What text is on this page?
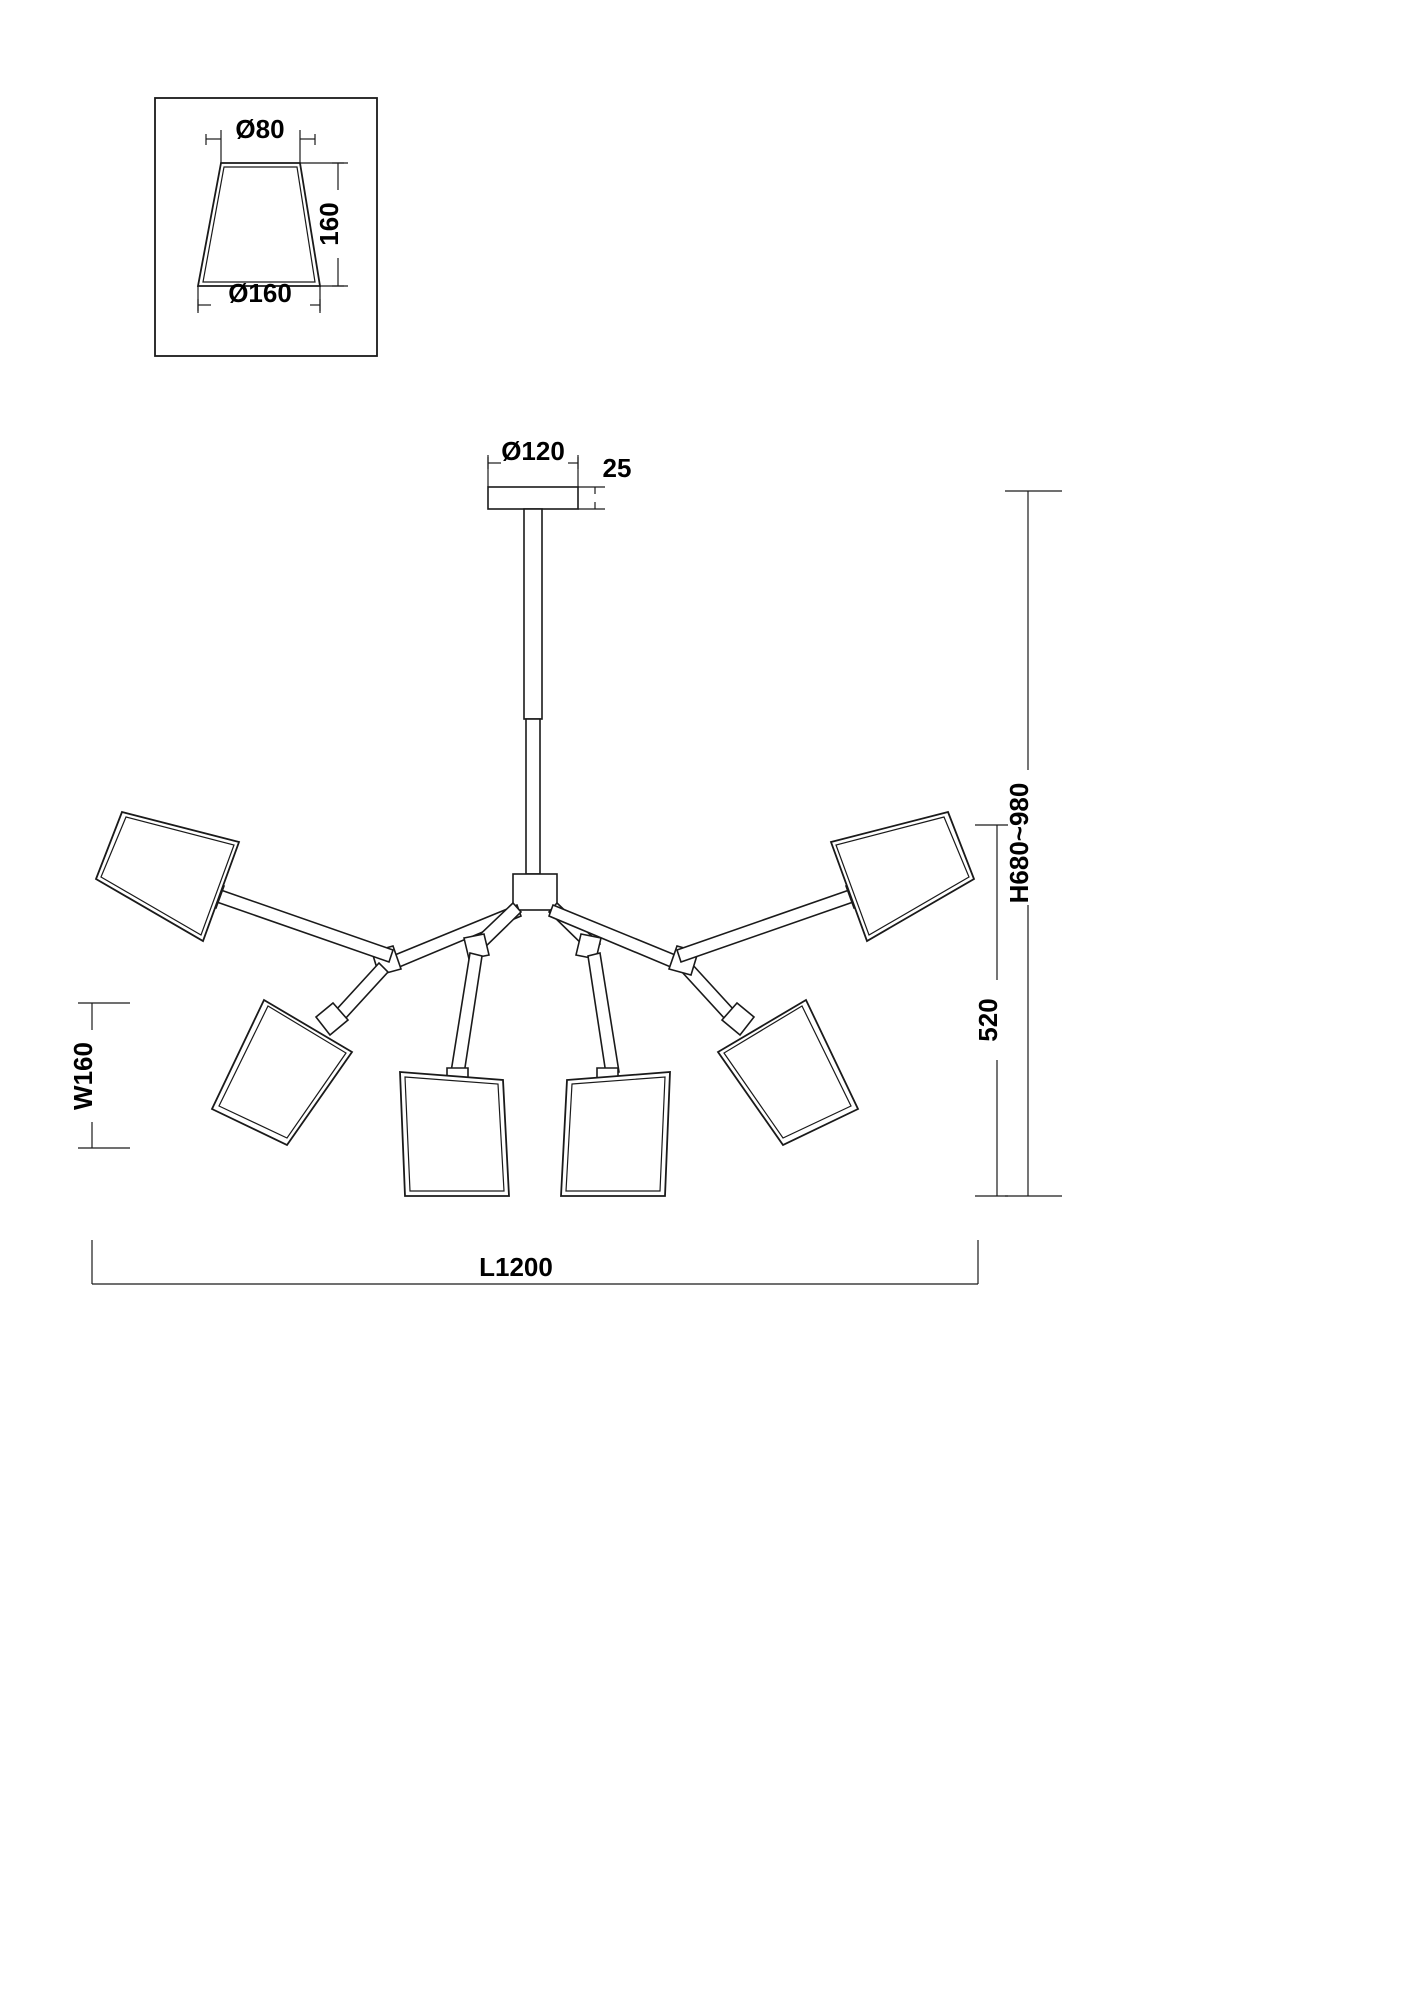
Ø80
160
Ø160
Ø120
25
W160
H680~980
520
L1200
